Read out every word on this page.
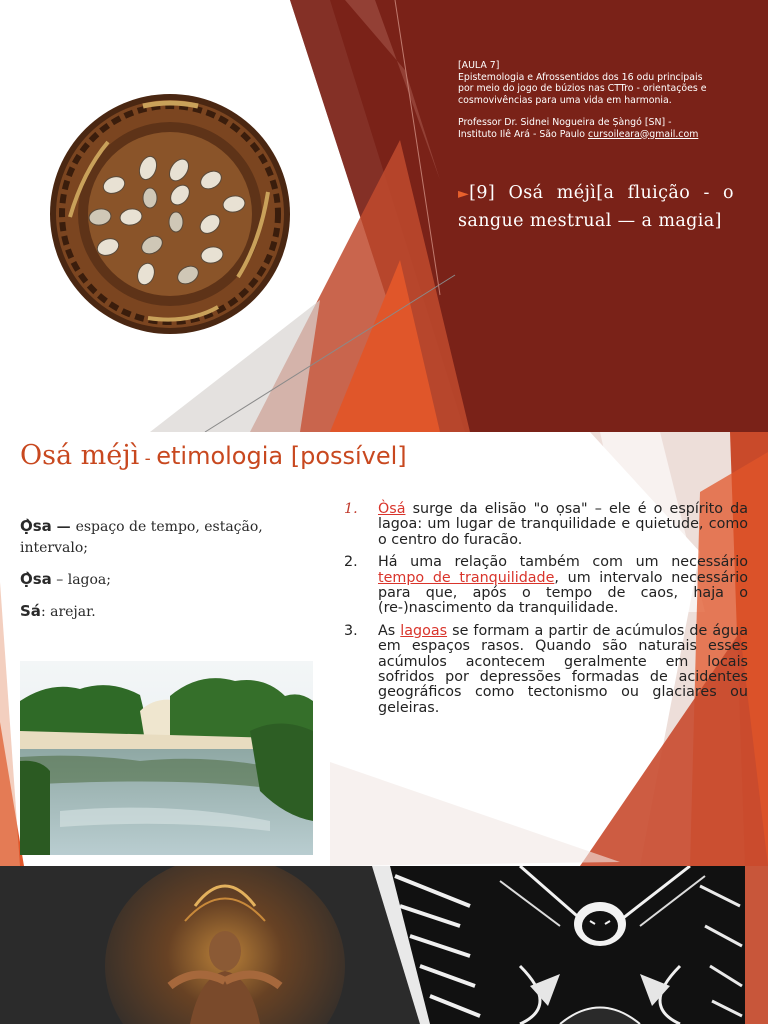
[AULA 7]

Epistemologia e Afrossentidos dos 16 odu principais

por meio do jogo de búzios nas CTTro - orientações e

cosmovivências para uma vida em harmonia.

Professor Dr. Sidnei Nogueira de Ṣàngó [SN] -

Instituto Ilê Ará - São Paulo cursoileara@gmail.com

►[9] Osá méjì[a fluição - o sangue mestrual — a magia]
Osá méjì - etimologia [possível]

Ọ̀sa — espaço de tempo, estação, intervalo;

Ọ̀sa – lagoa;

Sá: arejar.

1. Òsá surge da elisão "o ọsa" – ele é o espírito da lagoa: um lugar de tranquilidade e quietude, como o centro do furacão.
2. Há uma relação também com um necessário tempo de tranquilidade, um intervalo necessário para que, após o tempo de caos, haja o (re-)nascimento da tranquilidade.
3. As lagoas se formam a partir de acúmulos de água em espaços rasos. Quando são naturais esses acúmulos acontecem geralmente em locais sofridos por depressões formadas de acidentes geográficos como tectonismo ou glaciares ou geleiras.
